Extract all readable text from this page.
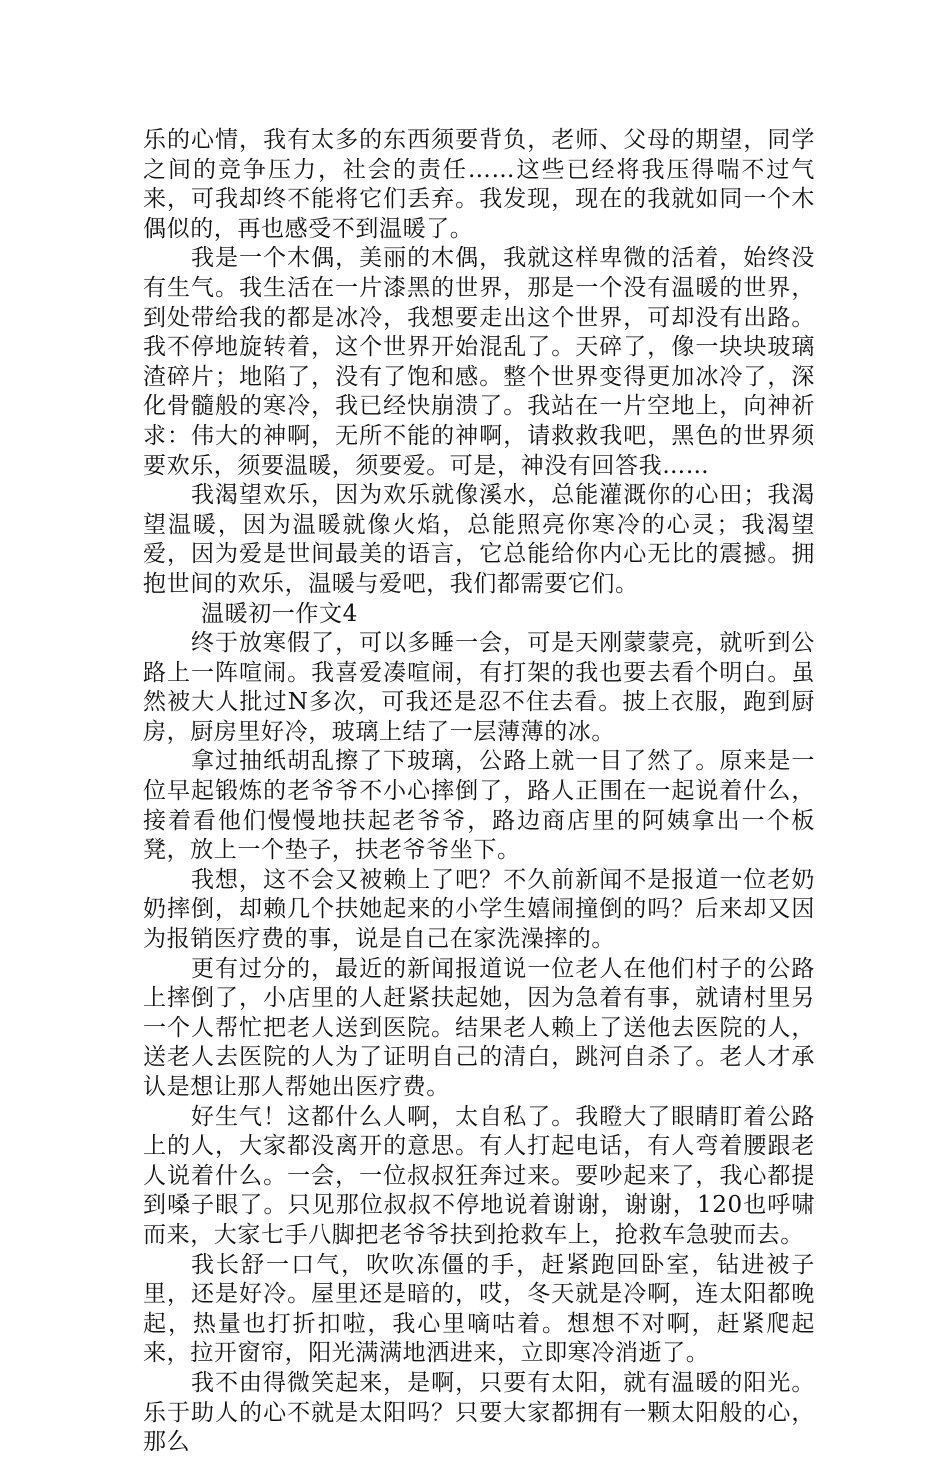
乐的心情，我有太多的东西须要背负，老师、父母的期望，同学之间的竞争压力，社会的责任……这些已经将我压得喘不过气来，可我却终不能将它们丢弃。我发现，现在的我就如同一个木偶似的，再也感受不到温暖了。

我是一个木偶，美丽的木偶，我就这样卑微的活着，始终没有生气。我生活在一片漆黑的世界，那是一个没有温暖的世界，到处带给我的都是冰冷，我想要走出这个世界，可却没有出路。我不停地旋转着，这个世界开始混乱了。天碎了，像一块块玻璃渣碎片；地陷了，没有了饱和感。整个世界变得更加冰冷了，深化骨髓般的寒冷，我已经快崩溃了。我站在一片空地上，向神祈求：伟大的神啊，无所不能的神啊，请救救我吧，黑色的世界须要欢乐，须要温暖，须要爱。可是，神没有回答我……

我渴望欢乐，因为欢乐就像溪水，总能灌溉你的心田；我渴望温暖，因为温暖就像火焰，总能照亮你寒冷的心灵；我渴望爱，因为爱是世间最美的语言，它总能给你内心无比的震撼。拥抱世间的欢乐，温暖与爱吧，我们都需要它们。

温暖初一作文4

终于放寒假了，可以多睡一会，可是天刚蒙蒙亮，就听到公路上一阵喧闹。我喜爱凑喧闹，有打架的我也要去看个明白。虽然被大人批过N多次，可我还是忍不住去看。披上衣服，跑到厨房，厨房里好冷，玻璃上结了一层薄薄的冰。

拿过抽纸胡乱擦了下玻璃，公路上就一目了然了。原来是一位早起锻炼的老爷爷不小心摔倒了，路人正围在一起说着什么，接着看他们慢慢地扶起老爷爷，路边商店里的阿姨拿出一个板凳，放上一个垫子，扶老爷爷坐下。

我想，这不会又被赖上了吧？不久前新闻不是报道一位老奶奶摔倒，却赖几个扶她起来的小学生嬉闹撞倒的吗？后来却又因为报销医疗费的事，说是自己在家洗澡摔的。

更有过分的，最近的新闻报道说一位老人在他们村子的公路上摔倒了，小店里的人赶紧扶起她，因为急着有事，就请村里另一个人帮忙把老人送到医院。结果老人赖上了送他去医院的人，送老人去医院的人为了证明自己的清白，跳河自杀了。老人才承认是想让那人帮她出医疗费。

好生气！这都什么人啊，太自私了。我瞪大了眼睛盯着公路上的人，大家都没离开的意思。有人打起电话，有人弯着腰跟老人说着什么。一会，一位叔叔狂奔过来。要吵起来了，我心都提到嗓子眼了。只见那位叔叔不停地说着谢谢，谢谢，120也呼啸而来，大家七手八脚把老爷爷扶到抢救车上，抢救车急驶而去。

我长舒一口气，吹吹冻僵的手，赶紧跑回卧室，钻进被子里，还是好冷。屋里还是暗的，哎，冬天就是冷啊，连太阳都晚起，热量也打折扣啦，我心里嘀咕着。想想不对啊，赶紧爬起来，拉开窗帘，阳光满满地洒进来，立即寒冷消逝了。

我不由得微笑起来，是啊，只要有太阳，就有温暖的阳光。乐于助人的心不就是太阳吗？只要大家都拥有一颗太阳般的心，那么
